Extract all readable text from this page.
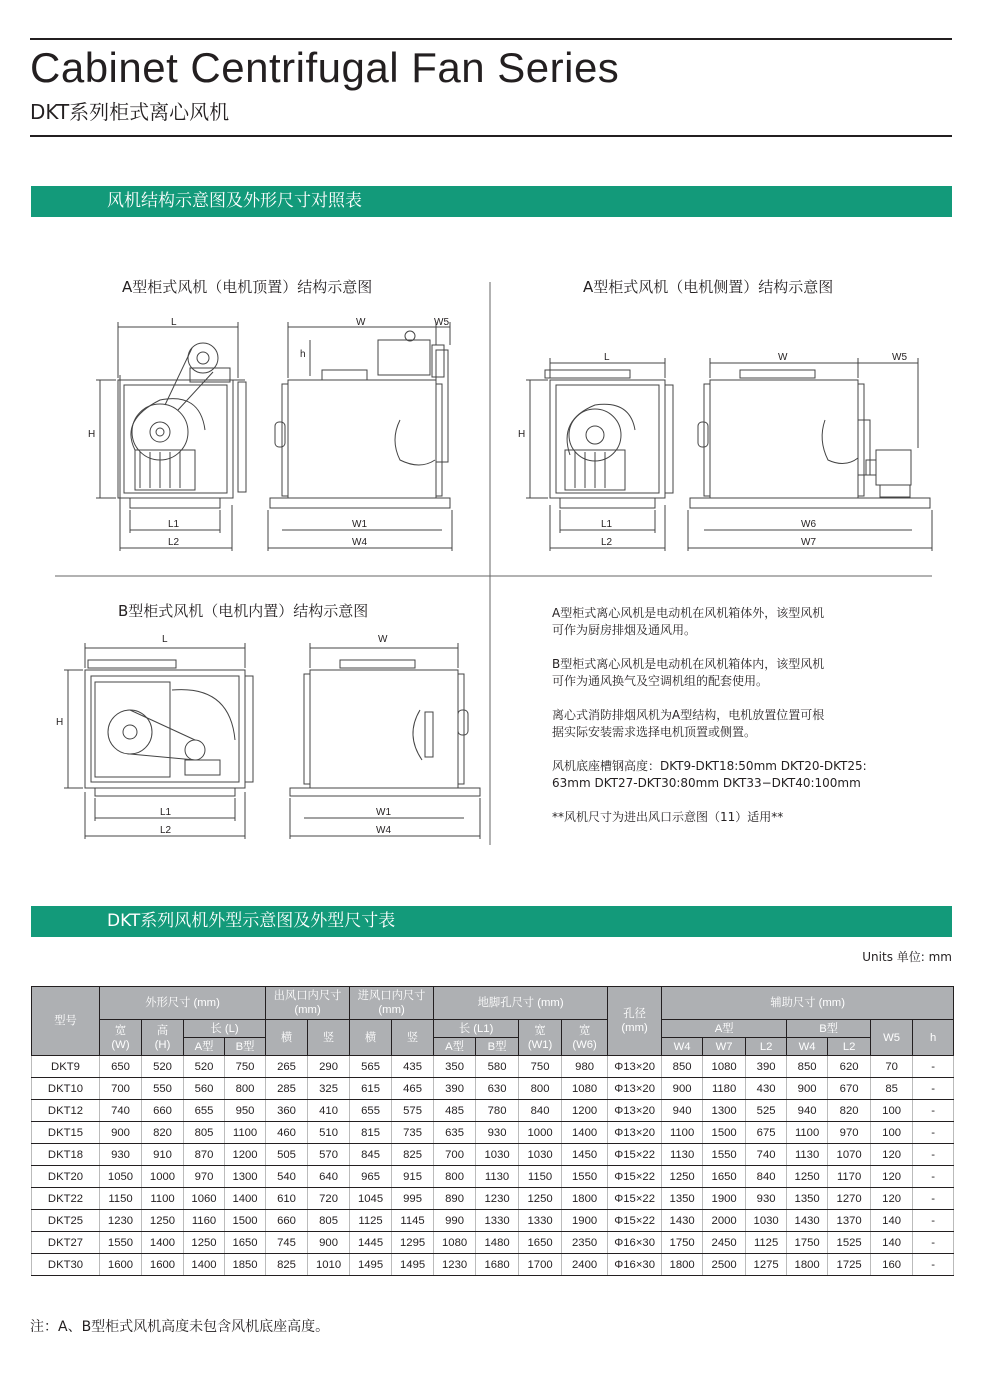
Cabinet Centrifugal Fan Series
DKT系列柜式离心风机
风机结构示意图及外形尺寸对照表
A型柜式风机（电机顶置）结构示意图	A型柜式风机（电机侧置）结构示意图
B型柜式风机（电机内置）结构示意图
L	W	W5
h
H
L1
L2
W1
W4
L	W	W5
H
L1
L2
W6
W7
L	W
H
L1
L2
W1
W4
A型柜式离心风机是电动机在风机箱体外，该型风机
可作为厨房排烟及通风用。
B型柜式离心风机是电动机在风机箱体内，该型风机
可作为通风换气及空调机组的配套使用。
离心式消防排烟风机为A型结构，电机放置位置可根
据实际安装需求选择电机顶置或侧置。
风机底座槽钢高度：DKT9-DKT18:50mm DKT20-DKT25:
63mm DKT27-DKT30:80mm DKT33−DKT40:100mm
**风机尺寸为进出风口示意图（11）适用**
DKT系列风机外型示意图及外型尺寸表
Units 单位: mm
型号	外形尺寸 (mm)				出风口内尺寸
(mm)		进风口内尺寸
(mm)		地脚孔尺寸 (mm)				孔径
(mm)	辅助尺寸 (mm)						
	宽
(W)	高
(H)	长 (L)		横	竖	横	竖	长 (L1)		宽
(W1)	宽
(W6)		A型			B型		W5	h
			A型	B型					A型	B型				W4	W7	L2	W4	L2		
DKT9	650	520	520	750	265	290	565	435	350	580	750	980	Φ13×20	850	1080	390	850	620	70	-
DKT10	700	550	560	800	285	325	615	465	390	630	800	1080	Φ13×20	900	1180	430	900	670	85	-
DKT12	740	660	655	950	360	410	655	575	485	780	840	1200	Φ13×20	940	1300	525	940	820	100	-
DKT15	900	820	805	1100	460	510	815	735	635	930	1000	1400	Φ13×20	1100	1500	675	1100	970	100	-
DKT18	930	910	870	1200	505	570	845	825	700	1030	1030	1450	Φ15×22	1130	1550	740	1130	1070	120	-
DKT20	1050	1000	970	1300	540	640	965	915	800	1130	1150	1550	Φ15×22	1250	1650	840	1250	1170	120	-
DKT22	1150	1100	1060	1400	610	720	1045	995	890	1230	1250	1800	Φ15×22	1350	1900	930	1350	1270	120	-
DKT25	1230	1250	1160	1500	660	805	1125	1145	990	1330	1330	1900	Φ15×22	1430	2000	1030	1430	1370	140	-
DKT27	1550	1400	1250	1650	745	900	1445	1295	1080	1480	1650	2350	Φ16×30	1750	2450	1125	1750	1525	140	-
DKT30	1600	1600	1400	1850	825	1010	1495	1495	1230	1680	1700	2400	Φ16×30	1800	2500	1275	1800	1725	160	-
注：A、B型柜式风机高度未包含风机底座高度。
